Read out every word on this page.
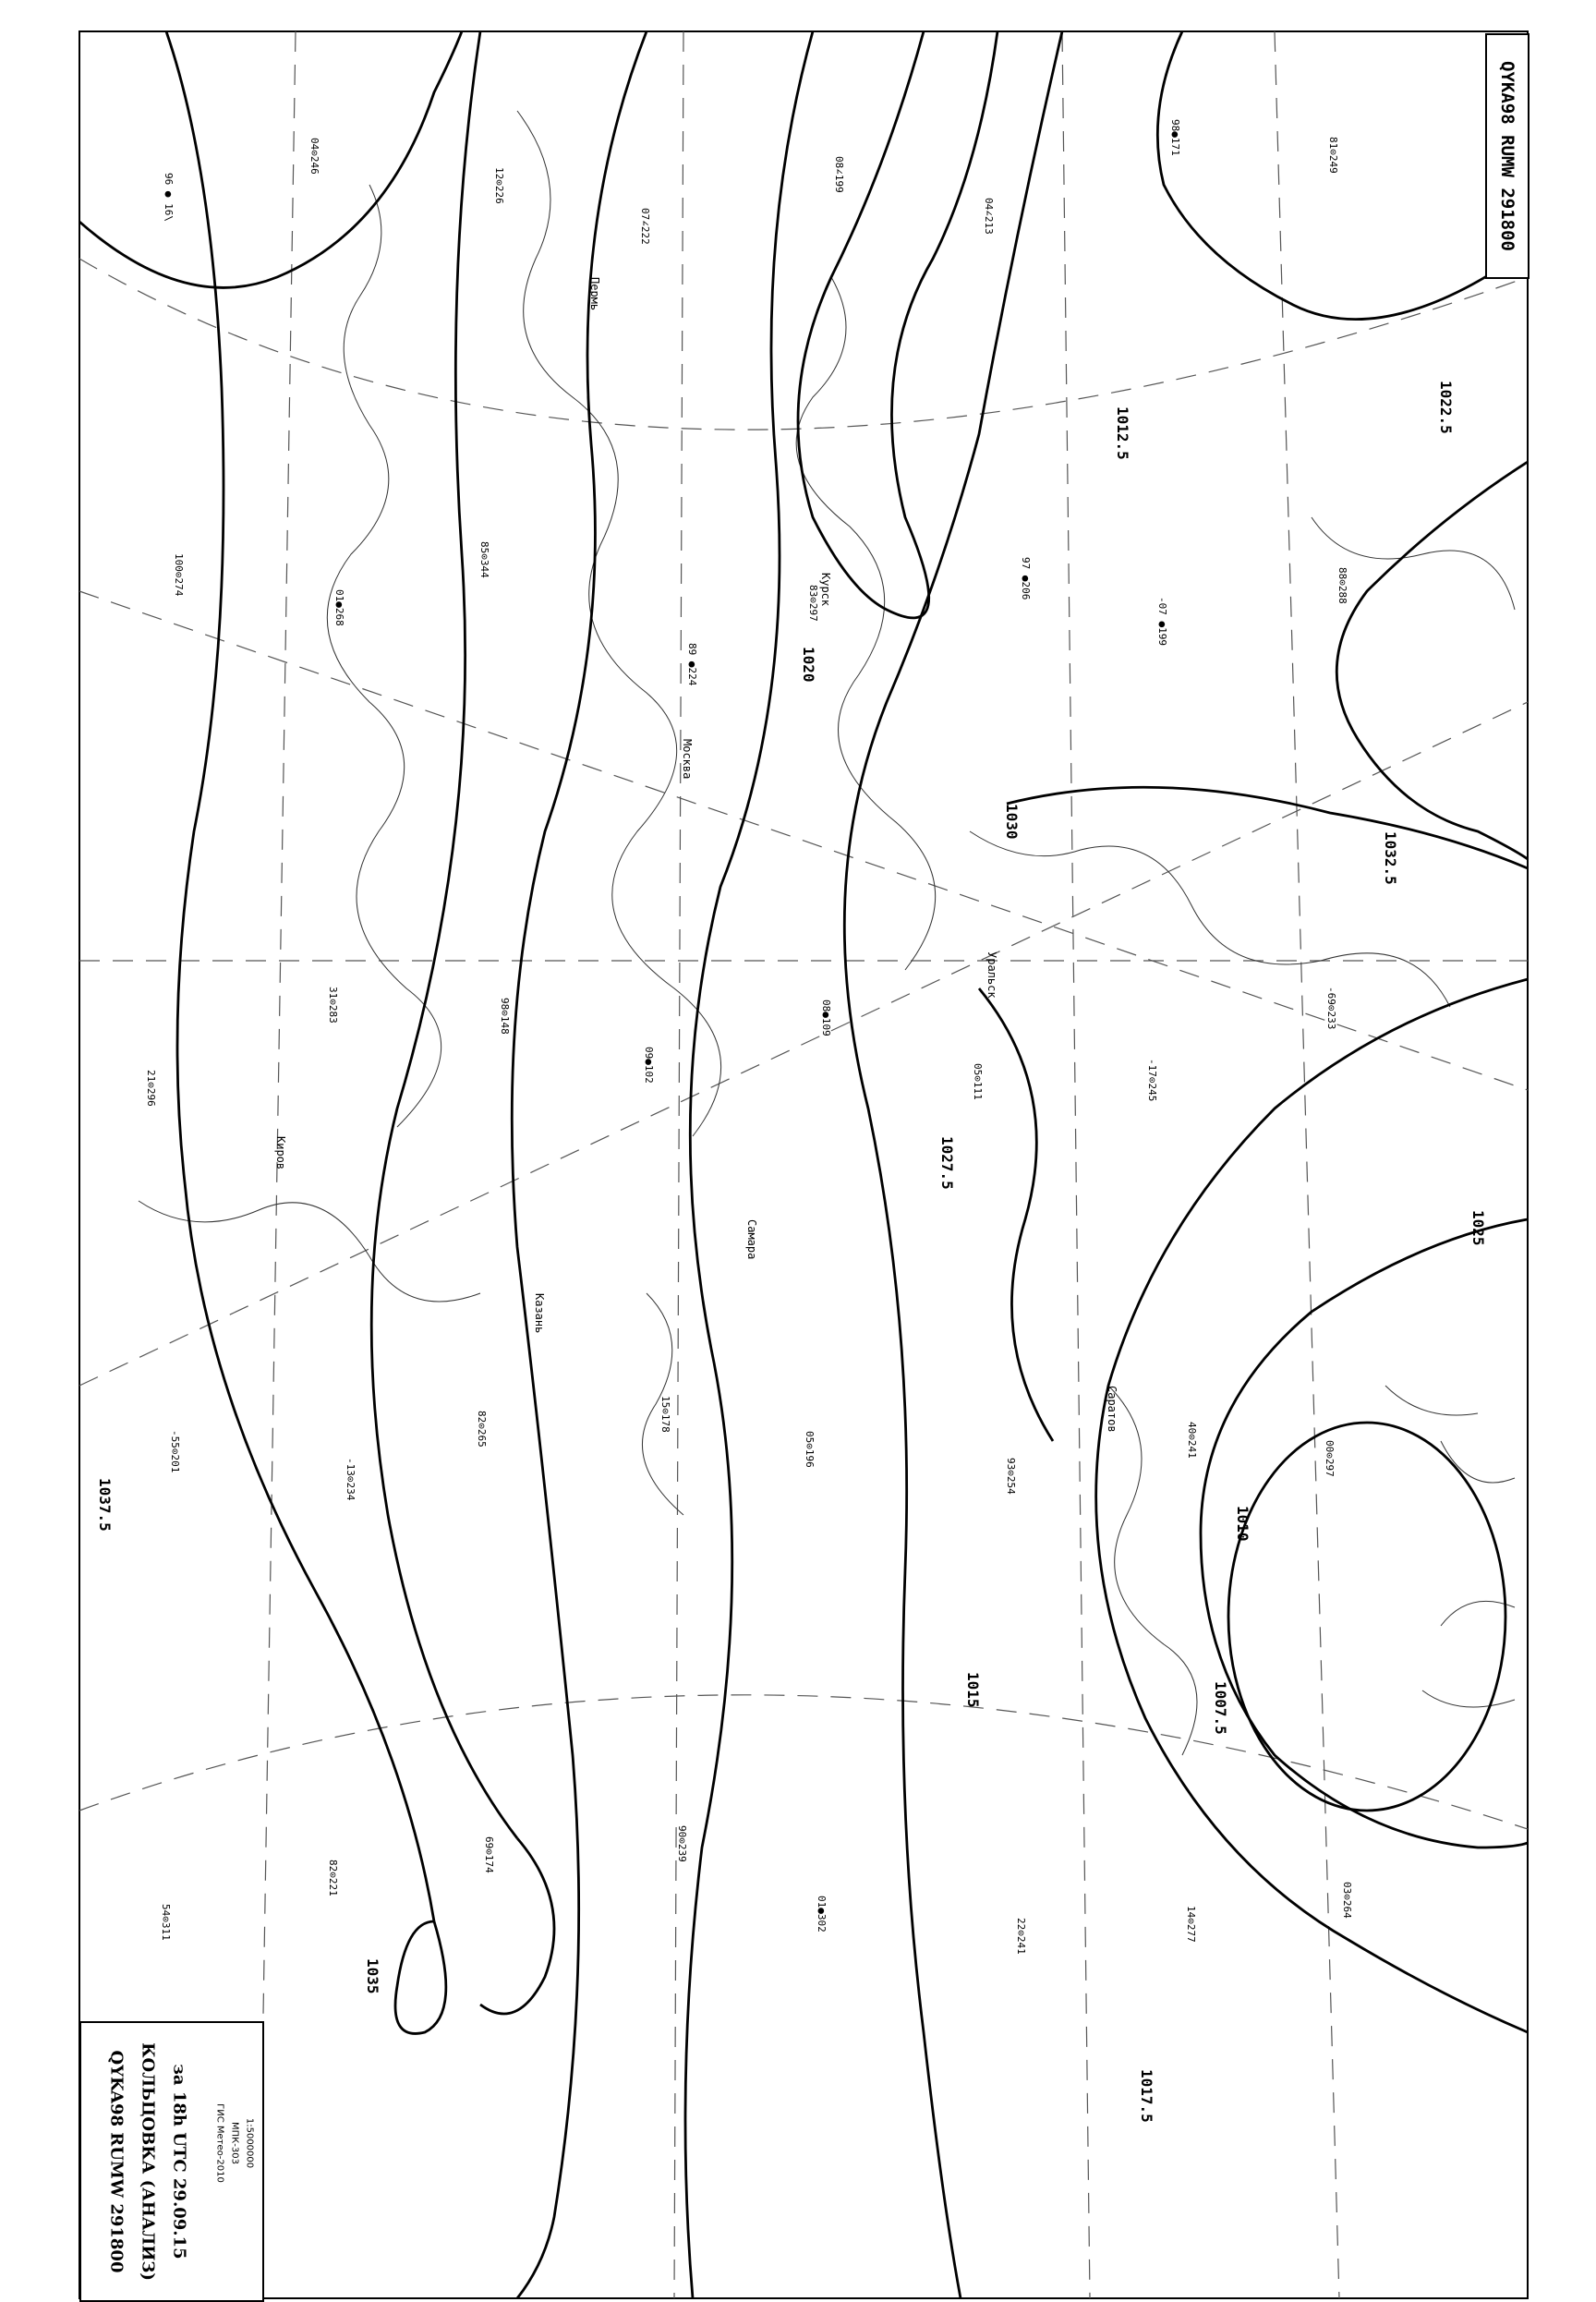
1022.5
1025
1027.5
1030
1032.5
1035
1037.5
1020
1017.5
1015
1012.5
1010
1007.5
Саратов
Курск
Москва
Уральск
Самара
Казань
Киров
Пермь
96 ● 16\
04⊙246
12⊙226
07∠222
08∠199
04∠213
98●171	81⊙249
100⊙274
01●268
85⊙344
89 ●224
83⊙297
97 ●206
-07 ●199
88⊙288
21⊙296
31⊙283	98⊙148
09●102
08●109
05⊙111	-17⊙245
-69⊙233
-55⊙201
-13⊙234
82⊙265	15⊙178
05⊙196
93⊙254
40⊙241
00⊙297
54⊙311
82⊙221
69⊙174	90⊙239
01●302
22⊙241	14⊙277
03⊙264
QYKA98 RUMW 291800
QYKA98 RUMW 291800 КОЛЬЦОВКА (АНАЛИЗ) за 18h UTC 29.09.15	ГИС Метео-2010 МПК-303 1:5000000
